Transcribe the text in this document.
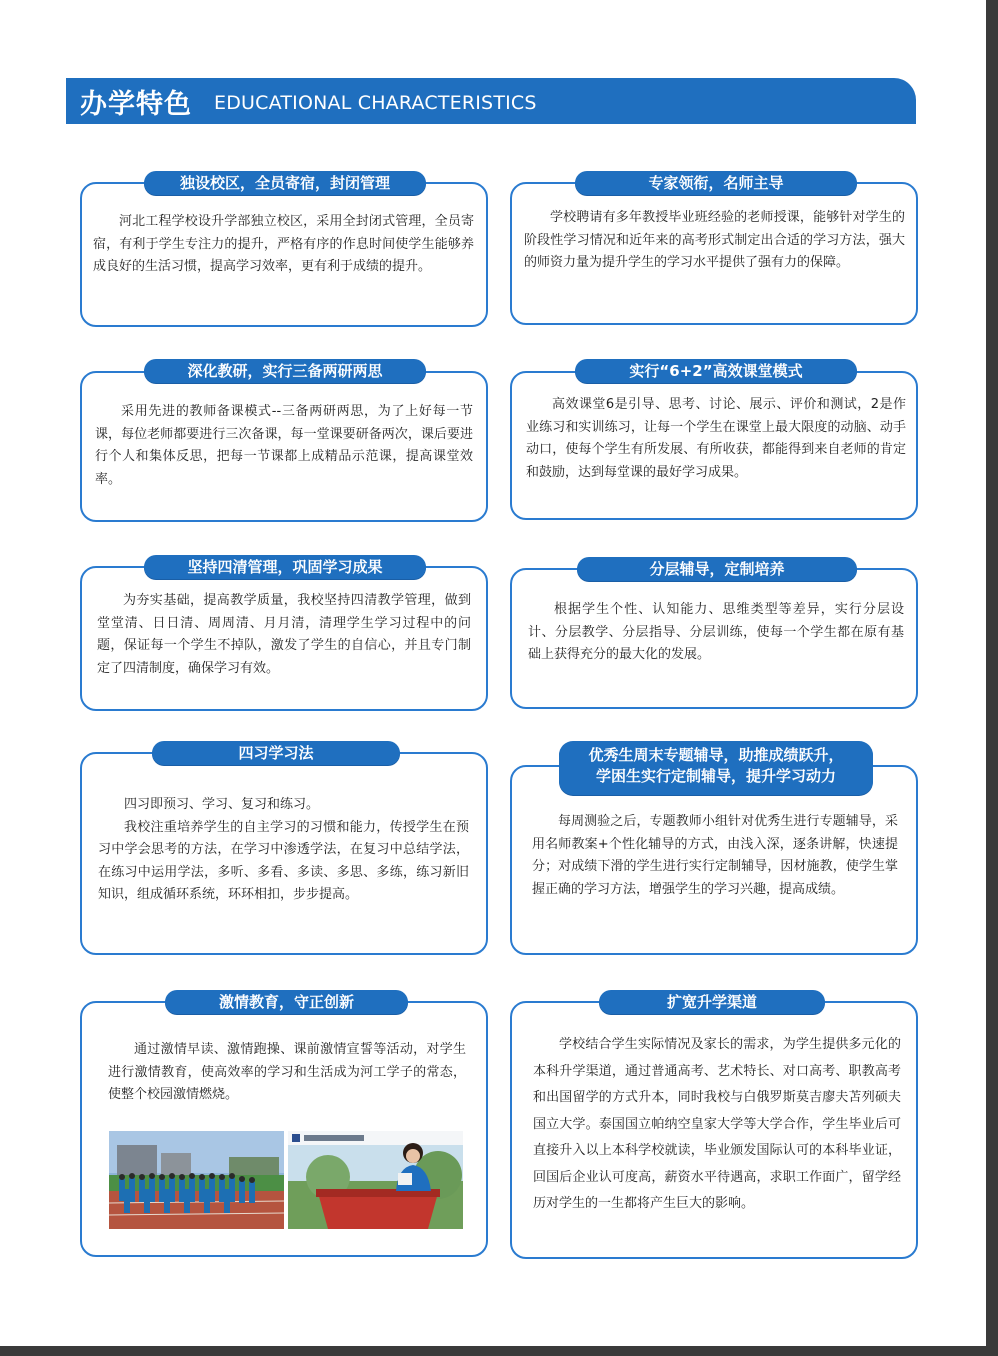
办学特色 EDUCATIONAL CHARACTERISTICS
独设校区，全员寄宿，封闭管理

河北工程学校设升学部独立校区，采用全封闭式管理，全员寄宿，有利于学生专注力的提升，严格有序的作息时间使学生能够养成良好的生活习惯，提高学习效率，更有利于成绩的提升。

专家领衔，名师主导

学校聘请有多年教授毕业班经验的老师授课，能够针对学生的阶段性学习情况和近年来的高考形式制定出合适的学习方法，强大的师资力量为提升学生的学习水平提供了强有力的保障。

深化教研，实行三备两研两思

采用先进的教师备课模式--三备两研两思，为了上好每一节课，每位老师都要进行三次备课，每一堂课要研备两次，课后要进行个人和集体反思，把每一节课都上成精品示范课，提高课堂效率。

实行“6+2”高效课堂模式

高效课堂6是引导、思考、讨论、展示、评价和测试，2是作业练习和实训练习，让每一个学生在课堂上最大限度的动脑、动手动口，使每个学生有所发展、有所收获，都能得到来自老师的肯定和鼓励，达到每堂课的最好学习成果。

坚持四清管理，巩固学习成果

为夯实基础，提高教学质量，我校坚持四清教学管理，做到堂堂清、日日清、周周清、月月清，清理学生学习过程中的问题，保证每一个学生不掉队，激发了学生的自信心，并且专门制定了四清制度，确保学习有效。

分层辅导，定制培养

根据学生个性、认知能力、思维类型等差异，实行分层设计、分层教学、分层指导、分层训练，使每一个学生都在原有基础上获得充分的最大化的发展。

四习学习法

四习即预习、学习、复习和练习。

我校注重培养学生的自主学习的习惯和能力，传授学生在预习中学会思考的方法，在学习中渗透学法，在复习中总结学法，在练习中运用学法，多听、多看、多读、多思、多练，练习新旧知识，组成循环系统，环环相扣，步步提高。

优秀生周末专题辅导，助推成绩跃升，
学困生实行定制辅导，提升学习动力

每周测验之后，专题教师小组针对优秀生进行专题辅导，采用名师教案+个性化辅导的方式，由浅入深，逐条讲解，快速提分；对成绩下滑的学生进行实行定制辅导，因材施教，使学生掌握正确的学习方法，增强学生的学习兴趣，提高成绩。

激情教育，守正创新

通过激情早读、激情跑操、课前激情宣誓等活动，对学生进行激情教育，使高效率的学习和生活成为河工学子的常态，使整个校园激情燃烧。

扩宽升学渠道

学校结合学生实际情况及家长的需求，为学生提供多元化的本科升学渠道，通过普通高考、艺术特长、对口高考、职教高考和出国留学的方式升本，同时我校与白俄罗斯莫吉廖夫苫列硕夫国立大学。泰国国立帕纳空皇家大学等大学合作，学生毕业后可直接升入以上本科学校就读，毕业颁发国际认可的本科毕业证，回国后企业认可度高，薪资水平待遇高，求职工作面广，留学经历对学生的一生都将产生巨大的影响。
